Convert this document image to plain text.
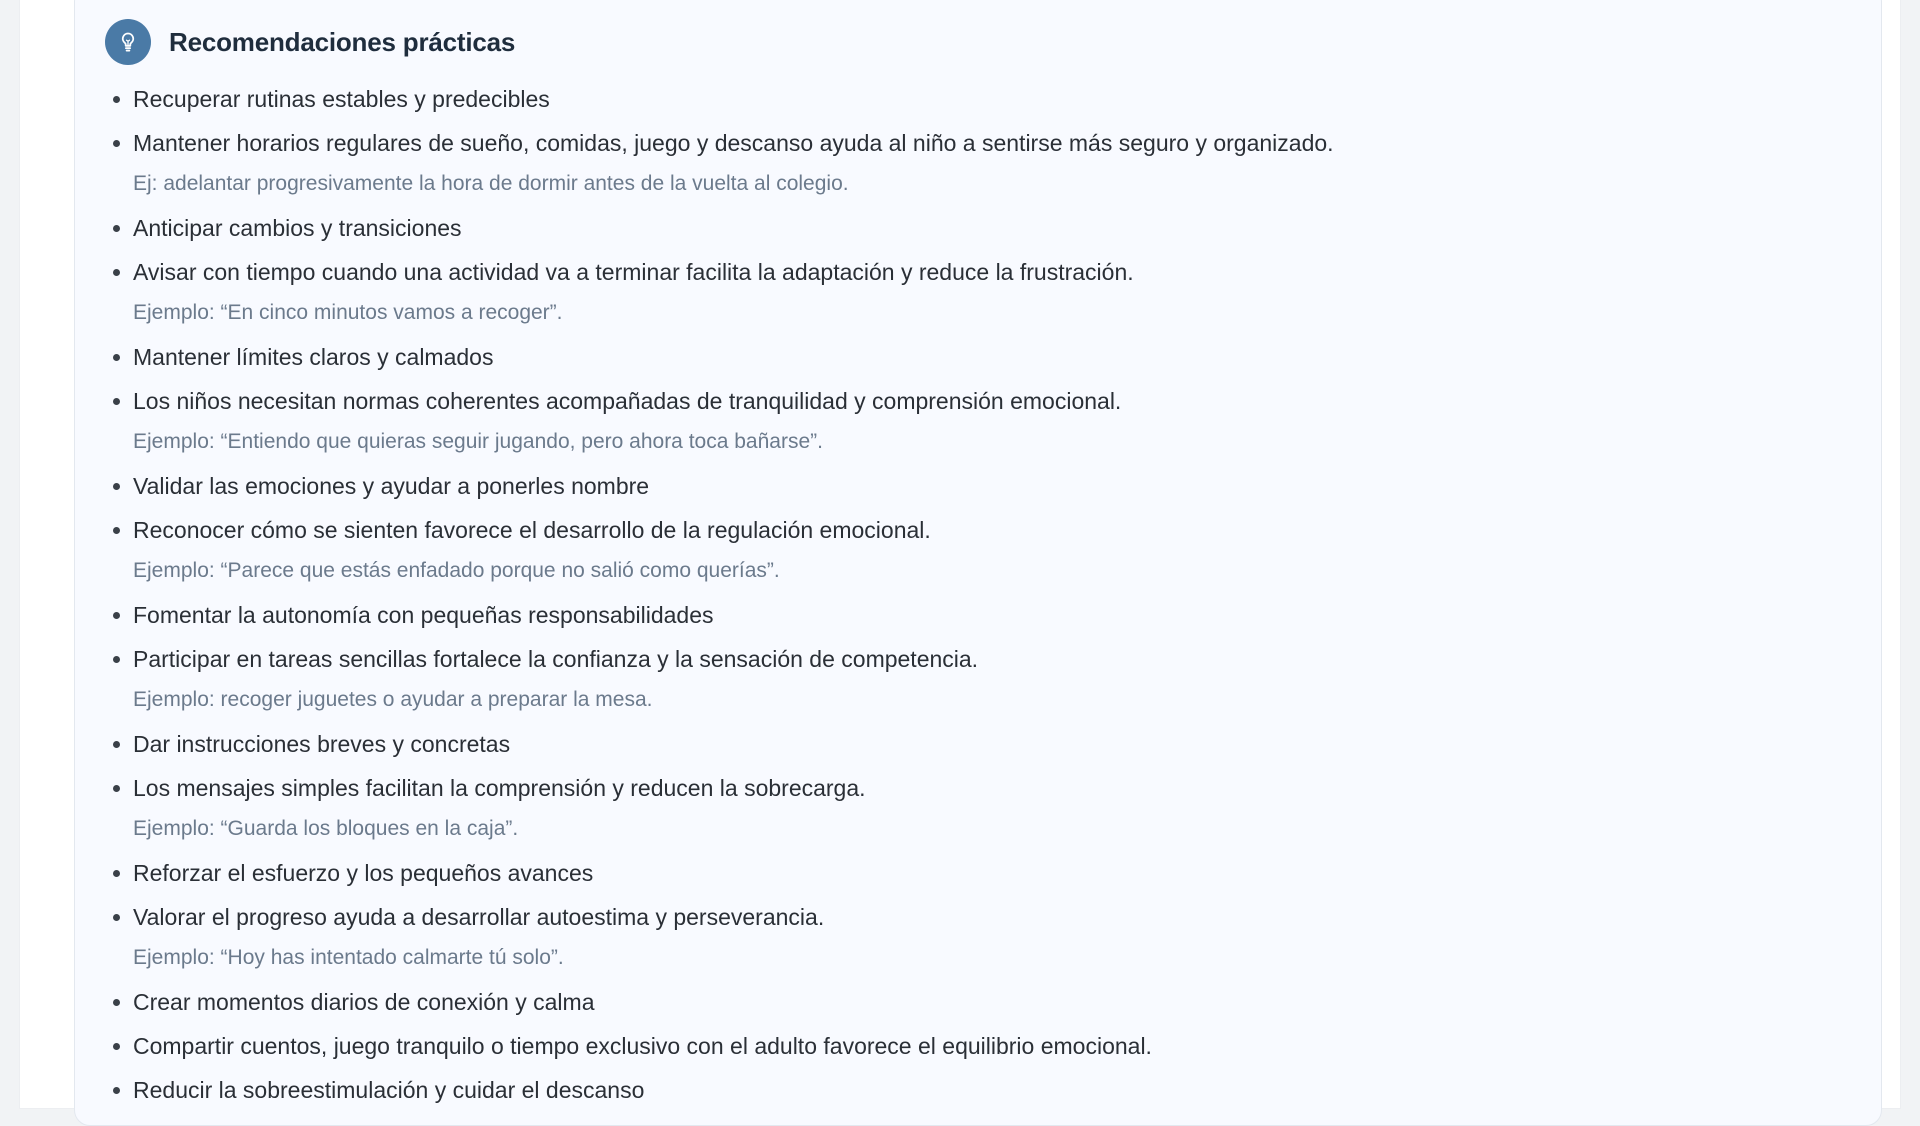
Recomendaciones prácticas
Recuperar rutinas estables y predecibles
Mantener horarios regulares de sueño, comidas, juego y descanso ayuda al niño a sentirse más seguro y organizado.
Ej: adelantar progresivamente la hora de dormir antes de la vuelta al colegio.
Anticipar cambios y transiciones
Avisar con tiempo cuando una actividad va a terminar facilita la adaptación y reduce la frustración.
Ejemplo: “En cinco minutos vamos a recoger”.
Mantener límites claros y calmados
Los niños necesitan normas coherentes acompañadas de tranquilidad y comprensión emocional.
Ejemplo: “Entiendo que quieras seguir jugando, pero ahora toca bañarse”.
Validar las emociones y ayudar a ponerles nombre
Reconocer cómo se sienten favorece el desarrollo de la regulación emocional.
Ejemplo: “Parece que estás enfadado porque no salió como querías”.
Fomentar la autonomía con pequeñas responsabilidades
Participar en tareas sencillas fortalece la confianza y la sensación de competencia.
Ejemplo: recoger juguetes o ayudar a preparar la mesa.
Dar instrucciones breves y concretas
Los mensajes simples facilitan la comprensión y reducen la sobrecarga.
Ejemplo: “Guarda los bloques en la caja”.
Reforzar el esfuerzo y los pequeños avances
Valorar el progreso ayuda a desarrollar autoestima y perseverancia.
Ejemplo: “Hoy has intentado calmarte tú solo”.
Crear momentos diarios de conexión y calma
Compartir cuentos, juego tranquilo o tiempo exclusivo con el adulto favorece el equilibrio emocional.
Reducir la sobreestimulación y cuidar el descanso
